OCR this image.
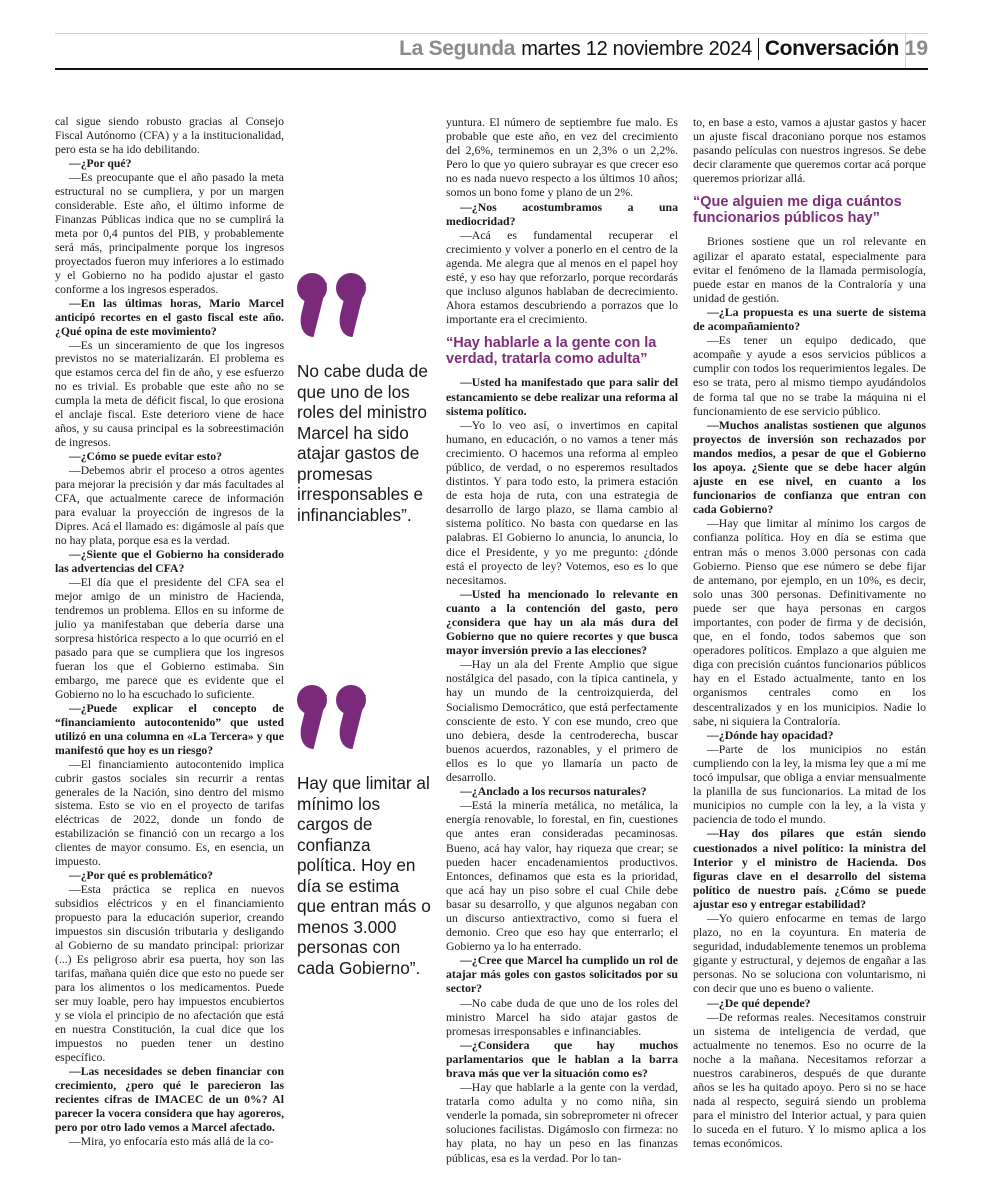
La Segunda martes 12 noviembre 2024 Conversación 19

cal sigue siendo robusto gracias al Consejo Fiscal Autónomo (CFA) y a la institucionalidad, pero esta se ha ido debilitando.

—¿Por qué?

—Es preocupante que el año pasado la meta estructural no se cumpliera, y por un margen considerable. Este año, el último informe de Finanzas Públicas indica que no se cumplirá la meta por 0,4 puntos del PIB, y probablemente será más, principalmente porque los ingresos proyectados fueron muy inferiores a lo estimado y el Gobierno no ha podido ajustar el gasto conforme a los ingresos esperados.

—En las últimas horas, Mario Marcel anticipó recortes en el gasto fiscal este año. ¿Qué opina de este movimiento?

—Es un sinceramiento de que los ingresos previstos no se materializarán. El problema es que estamos cerca del fin de año, y ese esfuerzo no es trivial. Es probable que este año no se cumpla la meta de déficit fiscal, lo que erosiona el anclaje fiscal. Este deterioro viene de hace años, y su causa principal es la sobreestimación de ingresos.

—¿Cómo se puede evitar esto?

—Debemos abrir el proceso a otros agentes para mejorar la precisión y dar más facultades al CFA, que actualmente carece de información para evaluar la proyección de ingresos de la Dipres. Acá el llamado es: digámosle al país que no hay plata, porque esa es la verdad.

—¿Siente que el Gobierno ha considerado las advertencias del CFA?

—El día que el presidente del CFA sea el mejor amigo de un ministro de Hacienda, tendremos un problema. Ellos en su informe de julio ya manifestaban que debería darse una sorpresa histórica respecto a lo que ocurrió en el pasado para que se cumpliera que los ingresos fueran los que el Gobierno estimaba. Sin embargo, me parece que es evidente que el Gobierno no lo ha escuchado lo suficiente.

—¿Puede explicar el concepto de “financiamiento autocontenido” que usted utilizó en una columna en «La Tercera» y que manifestó que hoy es un riesgo?

—El financiamiento autocontenido implica cubrir gastos sociales sin recurrir a rentas generales de la Nación, sino dentro del mismo sistema. Esto se vio en el proyecto de tarifas eléctricas de 2022, donde un fondo de estabilización se financió con un recargo a los clientes de mayor consumo. Es, en esencia, un impuesto.

—¿Por qué es problemático?

—Esta práctica se replica en nuevos subsidios eléctricos y en el financiamiento propuesto para la educación superior, creando impuestos sin discusión tributaria y desligando al Gobierno de su mandato principal: priorizar (...) Es peligroso abrir esa puerta, hoy son las tarifas, mañana quién dice que esto no puede ser para los alimentos o los medicamentos. Puede ser muy loable, pero hay impuestos encubiertos y se viola el principio de no afectación que está en nuestra Constitución, la cual dice que los impuestos no pueden tener un destino específico.

—Las necesidades se deben financiar con crecimiento, ¿pero qué le parecieron las recientes cifras de IMACEC de un 0%? Al parecer la vocera considera que hay agoreros, pero por otro lado vemos a Marcel afectado.

—Mira, yo enfocaría esto más allá de la co-

No cabe duda de que uno de los roles del ministro Marcel ha sido atajar gastos de promesas irresponsables e infinanciables”.
Hay que limitar al mínimo los cargos de confianza política. Hoy en día se estima que entran más o menos 3.000 personas con cada Gobierno”.

yuntura. El número de septiembre fue malo. Es probable que este año, en vez del crecimiento del 2,6%, terminemos en un 2,3% o un 2,2%. Pero lo que yo quiero subrayar es que crecer eso no es nada nuevo respecto a los últimos 10 años; somos un bono fome y plano de un 2%.

—¿Nos acostumbramos a una mediocridad?

—Acá es fundamental recuperar el crecimiento y volver a ponerlo en el centro de la agenda. Me alegra que al menos en el papel hoy esté, y eso hay que reforzarlo, porque recordarás que incluso algunos hablaban de decrecimiento. Ahora estamos descubriendo a porrazos que lo importante era el crecimiento.

“Hay hablarle a la gente con la verdad, tratarla como adulta”

—Usted ha manifestado que para salir del estancamiento se debe realizar una reforma al sistema político.

—Yo lo veo así, o invertimos en capital humano, en educación, o no vamos a tener más crecimiento. O hacemos una reforma al empleo público, de verdad, o no esperemos resultados distintos. Y para todo esto, la primera estación de esta hoja de ruta, con una estrategia de desarrollo de largo plazo, se llama cambio al sistema político. No basta con quedarse en las palabras. El Gobierno lo anuncia, lo anuncia, lo dice el Presidente, y yo me pregunto: ¿dónde está el proyecto de ley? Votemos, eso es lo que necesitamos.

—Usted ha mencionado lo relevante en cuanto a la contención del gasto, pero ¿considera que hay un ala más dura del Gobierno que no quiere recortes y que busca mayor inversión previo a las elecciones?

—Hay un ala del Frente Amplio que sigue nostálgica del pasado, con la típica cantinela, y hay un mundo de la centroizquierda, del Socialismo Democrático, que está perfectamente consciente de esto. Y con ese mundo, creo que uno debiera, desde la centroderecha, buscar buenos acuerdos, razonables, y el primero de ellos es lo que yo llamaría un pacto de desarrollo.

—¿Anclado a los recursos naturales?

—Está la minería metálica, no metálica, la energía renovable, lo forestal, en fin, cuestiones que antes eran consideradas pecaminosas. Bueno, acá hay valor, hay riqueza que crear; se pueden hacer encadenamientos productivos. Entonces, definamos que esta es la prioridad, que acá hay un piso sobre el cual Chile debe basar su desarrollo, y que algunos negaban con un discurso antiextractivo, como si fuera el demonio. Creo que eso hay que enterrarlo; el Gobierno ya lo ha enterrado.

—¿Cree que Marcel ha cumplido un rol de atajar más goles con gastos solicitados por su sector?

—No cabe duda de que uno de los roles del ministro Marcel ha sido atajar gastos de promesas irresponsables e infinanciables.

—¿Considera que hay muchos parlamentarios que le hablan a la barra brava más que ver la situación como es?

—Hay que hablarle a la gente con la verdad, tratarla como adulta y no como niña, sin venderle la pomada, sin sobreprometer ni ofrecer soluciones facilistas. Digámoslo con firmeza: no hay plata, no hay un peso en las finanzas públicas, esa es la verdad. Por lo tan-

to, en base a esto, vamos a ajustar gastos y hacer un ajuste fiscal draconiano porque nos estamos pasando películas con nuestros ingresos. Se debe decir claramente que queremos cortar acá porque queremos priorizar allá.

“Que alguien me diga cuántos funcionarios públicos hay”

Briones sostiene que un rol relevante en agilizar el aparato estatal, especialmente para evitar el fenómeno de la llamada permisología, puede estar en manos de la Contraloría y una unidad de gestión.

—¿La propuesta es una suerte de sistema de acompañamiento?

—Es tener un equipo dedicado, que acompañe y ayude a esos servicios públicos a cumplir con todos los requerimientos legales. De eso se trata, pero al mismo tiempo ayudándolos de forma tal que no se trabe la máquina ni el funcionamiento de ese servicio público.

—Muchos analistas sostienen que algunos proyectos de inversión son rechazados por mandos medios, a pesar de que el Gobierno los apoya. ¿Siente que se debe hacer algún ajuste en ese nivel, en cuanto a los funcionarios de confianza que entran con cada Gobierno?

—Hay que limitar al mínimo los cargos de confianza política. Hoy en día se estima que entran más o menos 3.000 personas con cada Gobierno. Pienso que ese número se debe fijar de antemano, por ejemplo, en un 10%, es decir, solo unas 300 personas. Definitivamente no puede ser que haya personas en cargos importantes, con poder de firma y de decisión, que, en el fondo, todos sabemos que son operadores políticos. Emplazo a que alguien me diga con precisión cuántos funcionarios públicos hay en el Estado actualmente, tanto en los organismos centrales como en los descentralizados y en los municipios. Nadie lo sabe, ni siquiera la Contraloría.

—¿Dónde hay opacidad?

—Parte de los municipios no están cumpliendo con la ley, la misma ley que a mí me tocó impulsar, que obliga a enviar mensualmente la planilla de sus funcionarios. La mitad de los municipios no cumple con la ley, a la vista y paciencia de todo el mundo.

—Hay dos pilares que están siendo cuestionados a nivel político: la ministra del Interior y el ministro de Hacienda. Dos figuras clave en el desarrollo del sistema político de nuestro país. ¿Cómo se puede ajustar eso y entregar estabilidad?

—Yo quiero enfocarme en temas de largo plazo, no en la coyuntura. En materia de seguridad, indudablemente tenemos un problema gigante y estructural, y dejemos de engañar a las personas. No se soluciona con voluntarismo, ni con decir que uno es bueno o valiente.

—¿De qué depende?

—De reformas reales. Necesitamos construir un sistema de inteligencia de verdad, que actualmente no tenemos. Eso no ocurre de la noche a la mañana. Necesitamos reforzar a nuestros carabineros, después de que durante años se les ha quitado apoyo. Pero si no se hace nada al respecto, seguirá siendo un problema para el ministro del Interior actual, y para quien lo suceda en el futuro. Y lo mismo aplica a los temas económicos.
